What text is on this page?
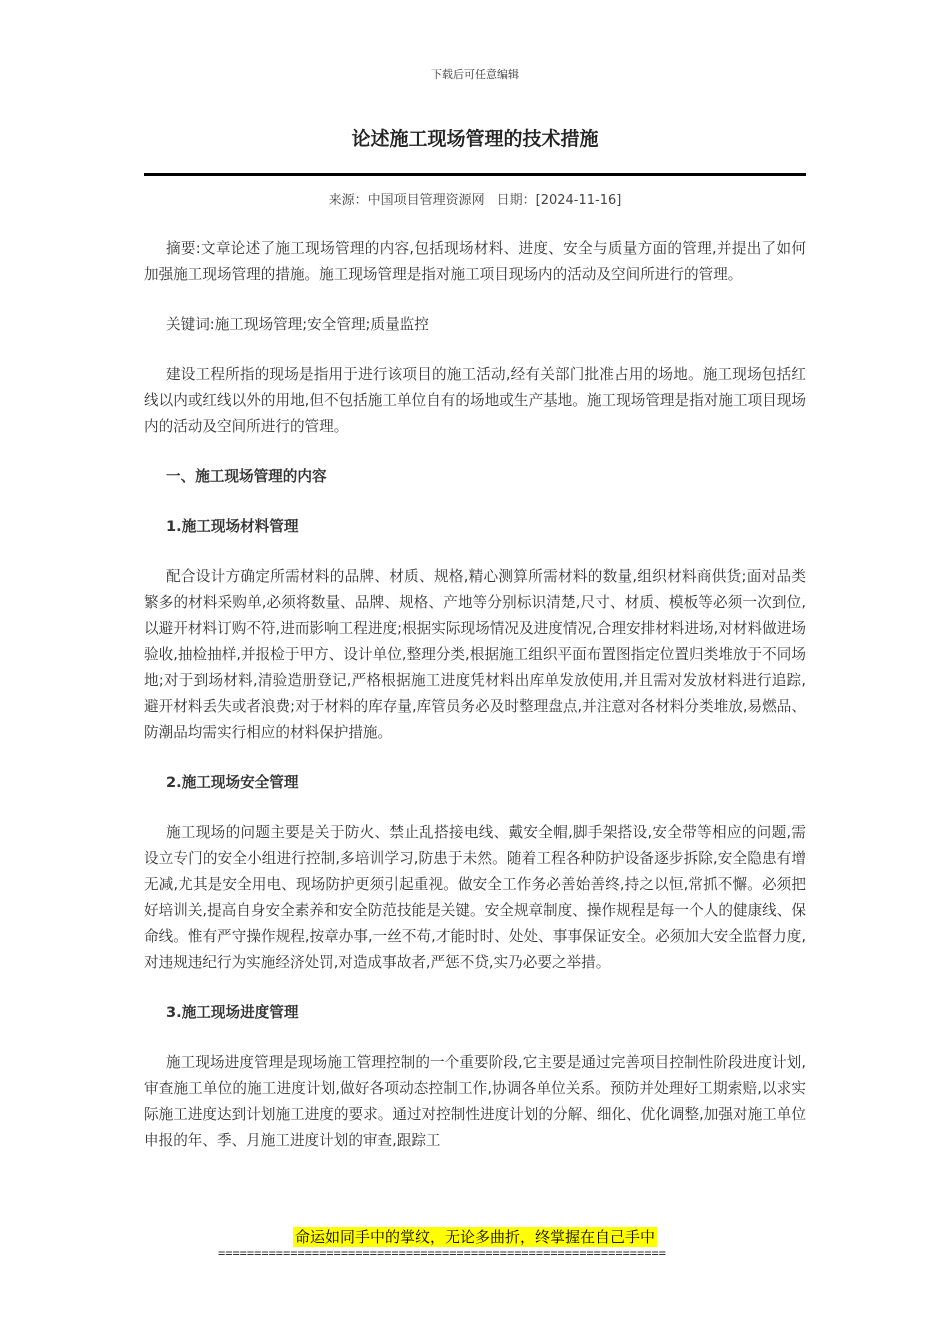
下载后可任意编辑
论述施工现场管理的技术措施
来源：中国项目管理资源网 日期：[2024-11-16]

摘要:文章论述了施工现场管理的内容,包括现场材料、进度、安全与质量方面的管理,并提出了如何加强施工现场管理的措施。施工现场管理是指对施工项目现场内的活动及空间所进行的管理。

关键词:施工现场管理;安全管理;质量监控

建设工程所指的现场是指用于进行该项目的施工活动,经有关部门批准占用的场地。施工现场包括红线以内或红线以外的用地,但不包括施工单位自有的场地或生产基地。施工现场管理是指对施工项目现场内的活动及空间所进行的管理。

一、施工现场管理的内容
1.施工现场材料管理

配合设计方确定所需材料的品牌、材质、规格,精心测算所需材料的数量,组织材料商供货;面对品类繁多的材料采购单,必须将数量、品牌、规格、产地等分别标识清楚,尺寸、材质、模板等必须一次到位,以避开材料订购不符,进而影响工程进度;根据实际现场情况及进度情况,合理安排材料进场,对材料做进场验收,抽检抽样,并报检于甲方、设计单位,整理分类,根据施工组织平面布置图指定位置归类堆放于不同场地;对于到场材料,清验造册登记,严格根据施工进度凭材料出库单发放使用,并且需对发放材料进行追踪,避开材料丢失或者浪费;对于材料的库存量,库管员务必及时整理盘点,并注意对各材料分类堆放,易燃品、防潮品均需实行相应的材料保护措施。

2.施工现场安全管理

施工现场的问题主要是关于防火、禁止乱搭接电线、戴安全帽,脚手架搭设,安全带等相应的问题,需设立专门的安全小组进行控制,多培训学习,防患于未然。随着工程各种防护设备逐步拆除,安全隐患有增无减,尤其是安全用电、现场防护更须引起重视。做安全工作务必善始善终,持之以恒,常抓不懈。必须把好培训关,提高自身安全素养和安全防范技能是关键。安全规章制度、操作规程是每一个人的健康线、保命线。惟有严守操作规程,按章办事,一丝不苟,才能时时、处处、事事保证安全。必须加大安全监督力度,对违规违纪行为实施经济处罚,对造成事故者,严惩不贷,实乃必要之举措。

3.施工现场进度管理

施工现场进度管理是现场施工管理控制的一个重要阶段,它主要是通过完善项目控制性阶段进度计划,审查施工单位的施工进度计划,做好各项动态控制工作,协调各单位关系。预防并处理好工期索赔,以求实际施工进度达到计划施工进度的要求。通过对控制性进度计划的分解、细化、优化调整,加强对施工单位申报的年、季、月施工进度计划的审查,跟踪工

命运如同手中的掌纹，无论多曲折，终掌握在自己手中
==============================================================
